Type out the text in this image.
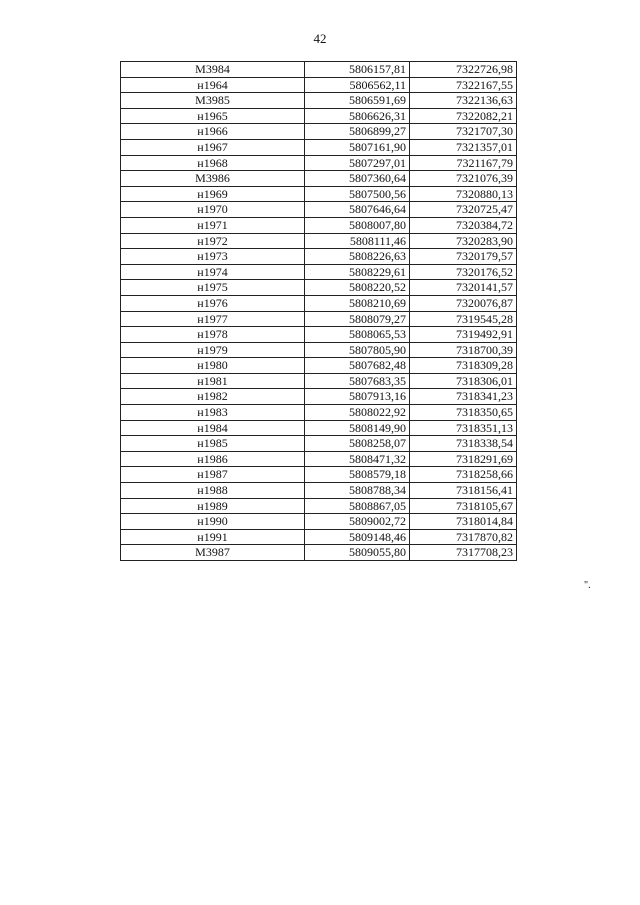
42
М3984	5806157,81	7322726,98
н1964	5806562,11	7322167,55
М3985	5806591,69	7322136,63
н1965	5806626,31	7322082,21
н1966	5806899,27	7321707,30
н1967	5807161,90	7321357,01
н1968	5807297,01	7321167,79
М3986	5807360,64	7321076,39
н1969	5807500,56	7320880,13
н1970	5807646,64	7320725,47
н1971	5808007,80	7320384,72
н1972	5808111,46	7320283,90
н1973	5808226,63	7320179,57
н1974	5808229,61	7320176,52
н1975	5808220,52	7320141,57
н1976	5808210,69	7320076,87
н1977	5808079,27	7319545,28
н1978	5808065,53	7319492,91
н1979	5807805,90	7318700,39
н1980	5807682,48	7318309,28
н1981	5807683,35	7318306,01
н1982	5807913,16	7318341,23
н1983	5808022,92	7318350,65
н1984	5808149,90	7318351,13
н1985	5808258,07	7318338,54
н1986	5808471,32	7318291,69
н1987	5808579,18	7318258,66
н1988	5808788,34	7318156,41
н1989	5808867,05	7318105,67
н1990	5809002,72	7318014,84
н1991	5809148,46	7317870,82
М3987	5809055,80	7317708,23
".
